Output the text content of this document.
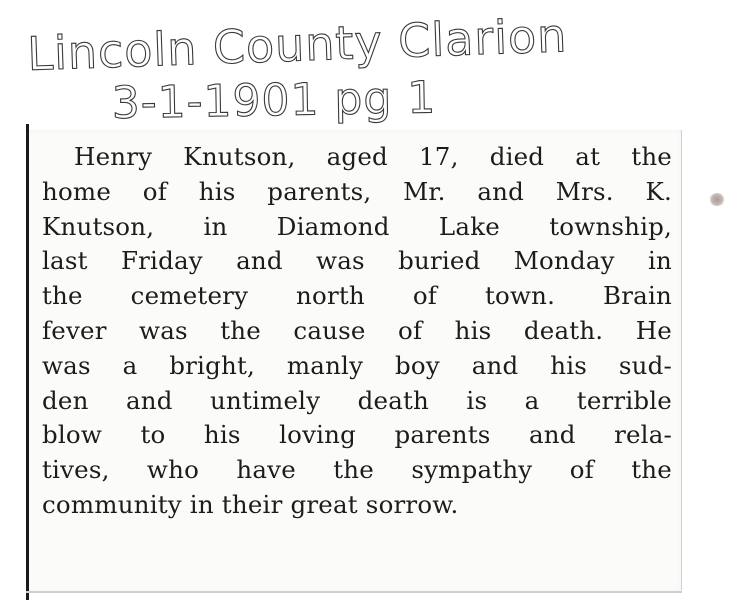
Lincoln County Clarion
3-1-1901 pg 1
Henry Knutson, aged 17, died at the
home of his parents, Mr. and Mrs. K.
Knutson, in Diamond Lake township,
last Friday and was buried Monday in
the cemetery north of town. Brain
fever was the cause of his death. He
was a bright, manly boy and his sud-
den and untimely death is a terrible
blow to his loving parents and rela-
tives, who have the sympathy of the
community in their great sorrow.
